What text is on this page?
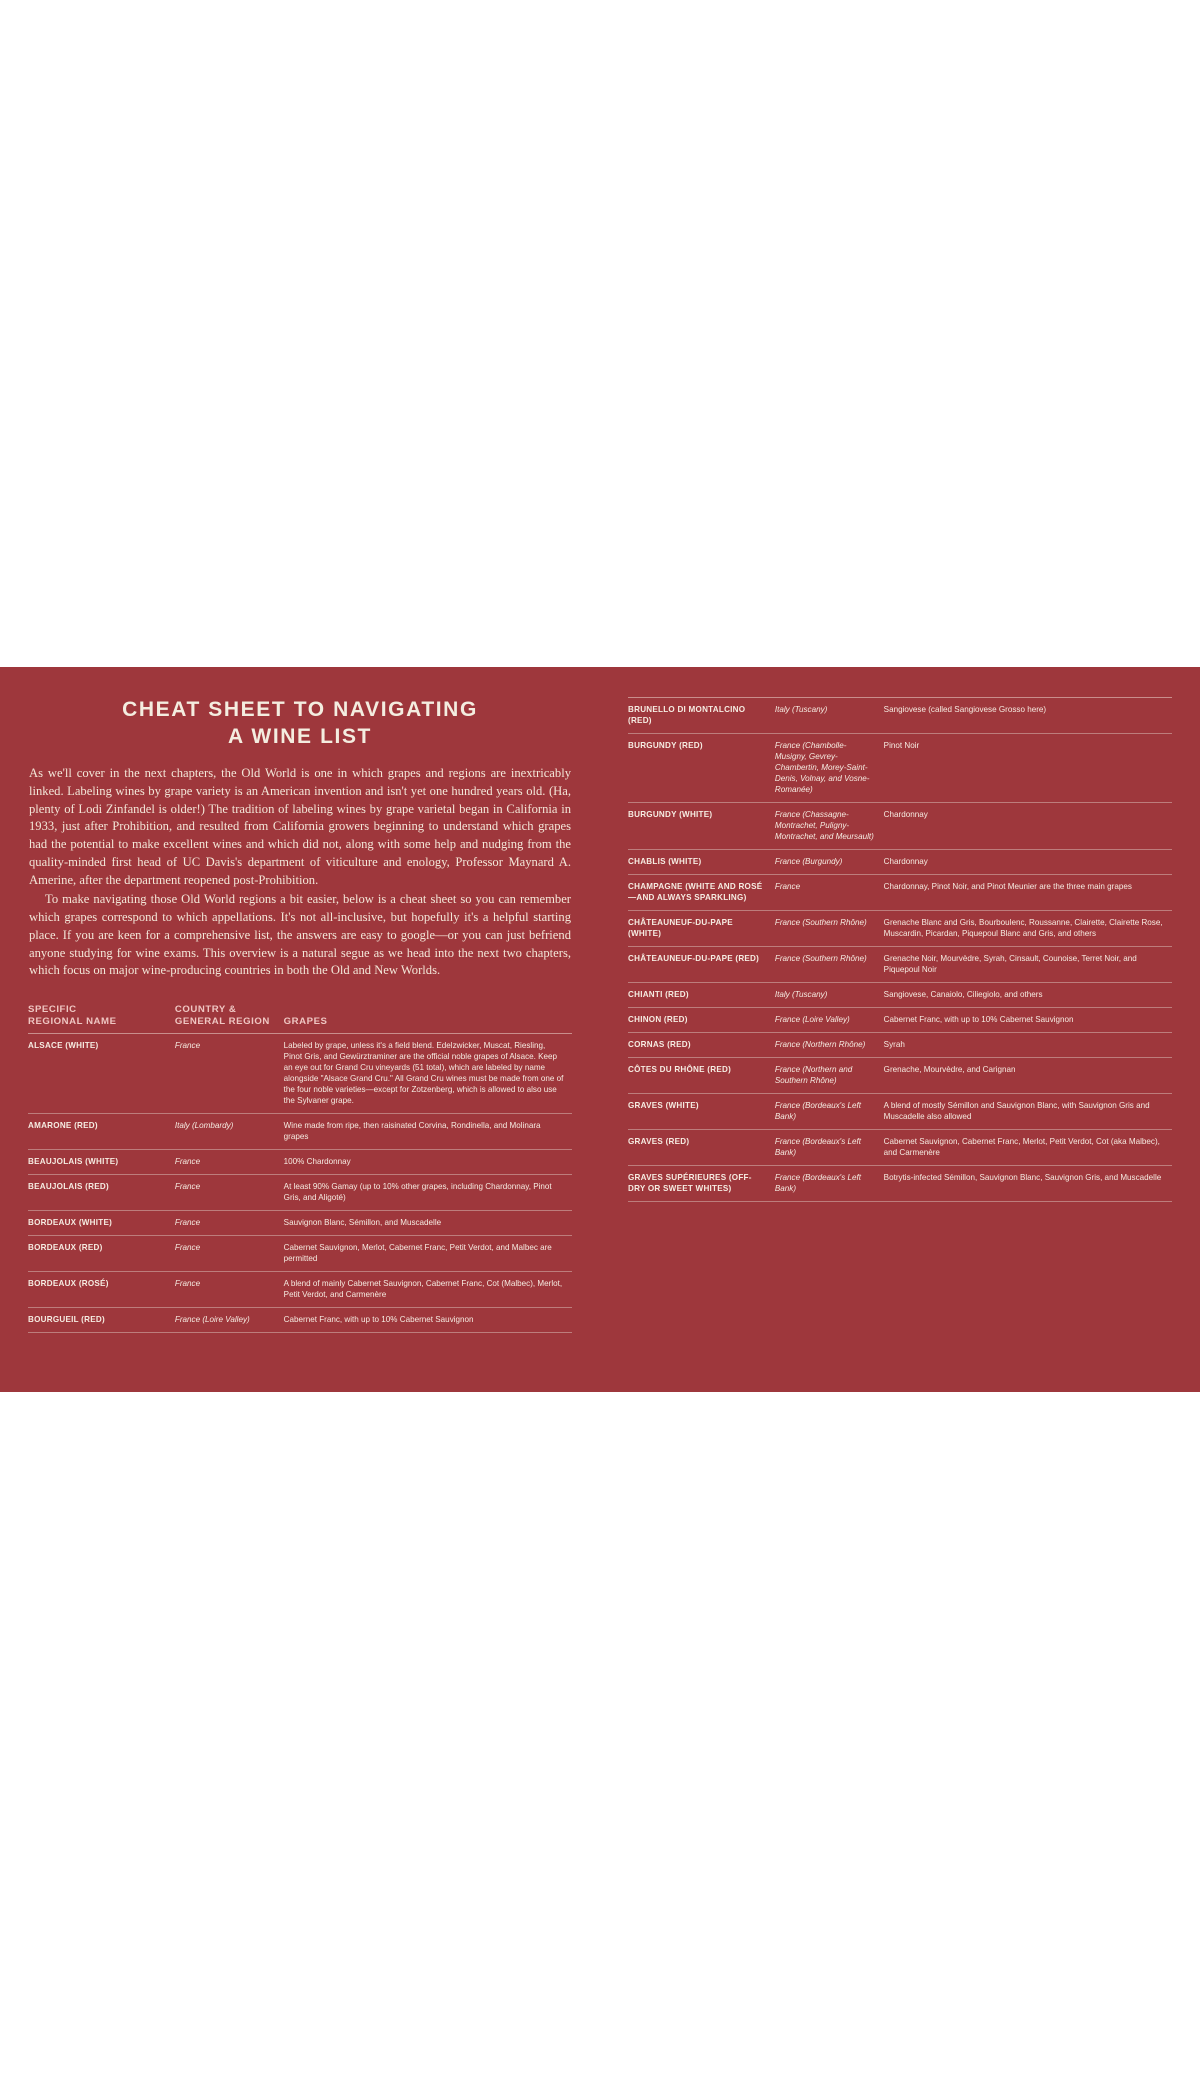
CHEAT SHEET TO NAVIGATING
A WINE LIST

As we'll cover in the next chapters, the Old World is one in which grapes and regions are inextricably linked. Labeling wines by grape variety is an American invention and isn't yet one hundred years old. (Ha, plenty of Lodi Zinfandel is older!) The tradition of labeling wines by grape varietal began in California in 1933, just after Prohibition, and resulted from California growers beginning to understand which grapes had the potential to make excellent wines and which did not, along with some help and nudging from the quality-minded first head of UC Davis's department of viticulture and enology, Professor Maynard A. Amerine, after the department reopened post-Prohibition.

To make navigating those Old World regions a bit easier, below is a cheat sheet so you can remember which grapes correspond to which appellations. It's not all-inclusive, but hopefully it's a helpful starting place. If you are keen for a comprehensive list, the answers are easy to google—or you can just befriend anyone studying for wine exams. This overview is a natural segue as we head into the next two chapters, which focus on major wine-producing countries in both the Old and New Worlds.

SPECIFIC
REGIONAL NAME	COUNTRY &
GENERAL REGION	GRAPES
ALSACE (WHITE)	France	Labeled by grape, unless it's a field blend. Edelzwicker, Muscat, Riesling, Pinot Gris, and Gewürztraminer are the official noble grapes of Alsace. Keep an eye out for Grand Cru vineyards (51 total), which are labeled by name alongside "Alsace Grand Cru." All Grand Cru wines must be made from one of the four noble varieties—except for Zotzenberg, which is allowed to also use the Sylvaner grape.
AMARONE (RED)	Italy (Lombardy)	Wine made from ripe, then raisinated Corvina, Rondinella, and Molinara grapes
BEAUJOLAIS (WHITE)	France	100% Chardonnay
BEAUJOLAIS (RED)	France	At least 90% Gamay (up to 10% other grapes, including Chardonnay, Pinot Gris, and Aligoté)
BORDEAUX (WHITE)	France	Sauvignon Blanc, Sémillon, and Muscadelle
BORDEAUX (RED)	France	Cabernet Sauvignon, Merlot, Cabernet Franc, Petit Verdot, and Malbec are permitted
BORDEAUX (ROSÉ)	France	A blend of mainly Cabernet Sauvignon, Cabernet Franc, Cot (Malbec), Merlot, Petit Verdot, and Carmenère
BOURGUEIL (RED)	France (Loire Valley)	Cabernet Franc, with up to 10% Cabernet Sauvignon
BRUNELLO DI MONTALCINO (RED)	Italy (Tuscany)	Sangiovese (called Sangiovese Grosso here)
BURGUNDY (RED)	France (Chambolle-Musigny, Gevrey-Chambertin, Morey-Saint-Denis, Volnay, and Vosne-Romanée)	Pinot Noir
BURGUNDY (WHITE)	France (Chassagne-Montrachet, Puligny-Montrachet, and Meursault)	Chardonnay
CHABLIS (WHITE)	France (Burgundy)	Chardonnay
CHAMPAGNE (WHITE AND ROSÉ—AND ALWAYS SPARKLING)	France	Chardonnay, Pinot Noir, and Pinot Meunier are the three main grapes
CHÂTEAUNEUF-DU-PAPE (WHITE)	France (Southern Rhône)	Grenache Blanc and Gris, Bourboulenc, Roussanne, Clairette, Clairette Rose, Muscardin, Picardan, Piquepoul Blanc and Gris, and others
CHÂTEAUNEUF-DU-PAPE (RED)	France (Southern Rhône)	Grenache Noir, Mourvèdre, Syrah, Cinsault, Counoise, Terret Noir, and Piquepoul Noir
CHIANTI (RED)	Italy (Tuscany)	Sangiovese, Canaiolo, Ciliegiolo, and others
CHINON (RED)	France (Loire Valley)	Cabernet Franc, with up to 10% Cabernet Sauvignon
CORNAS (RED)	France (Northern Rhône)	Syrah
CÔTES DU RHÔNE (RED)	France (Northern and Southern Rhône)	Grenache, Mourvèdre, and Carignan
GRAVES (WHITE)	France (Bordeaux's Left Bank)	A blend of mostly Sémillon and Sauvignon Blanc, with Sauvignon Gris and Muscadelle also allowed
GRAVES (RED)	France (Bordeaux's Left Bank)	Cabernet Sauvignon, Cabernet Franc, Merlot, Petit Verdot, Cot (aka Malbec), and Carmenère
GRAVES SUPÉRIEURES (OFF-DRY OR SWEET WHITES)	France (Bordeaux's Left Bank)	Botrytis-infected Sémillon, Sauvignon Blanc, Sauvignon Gris, and Muscadelle
